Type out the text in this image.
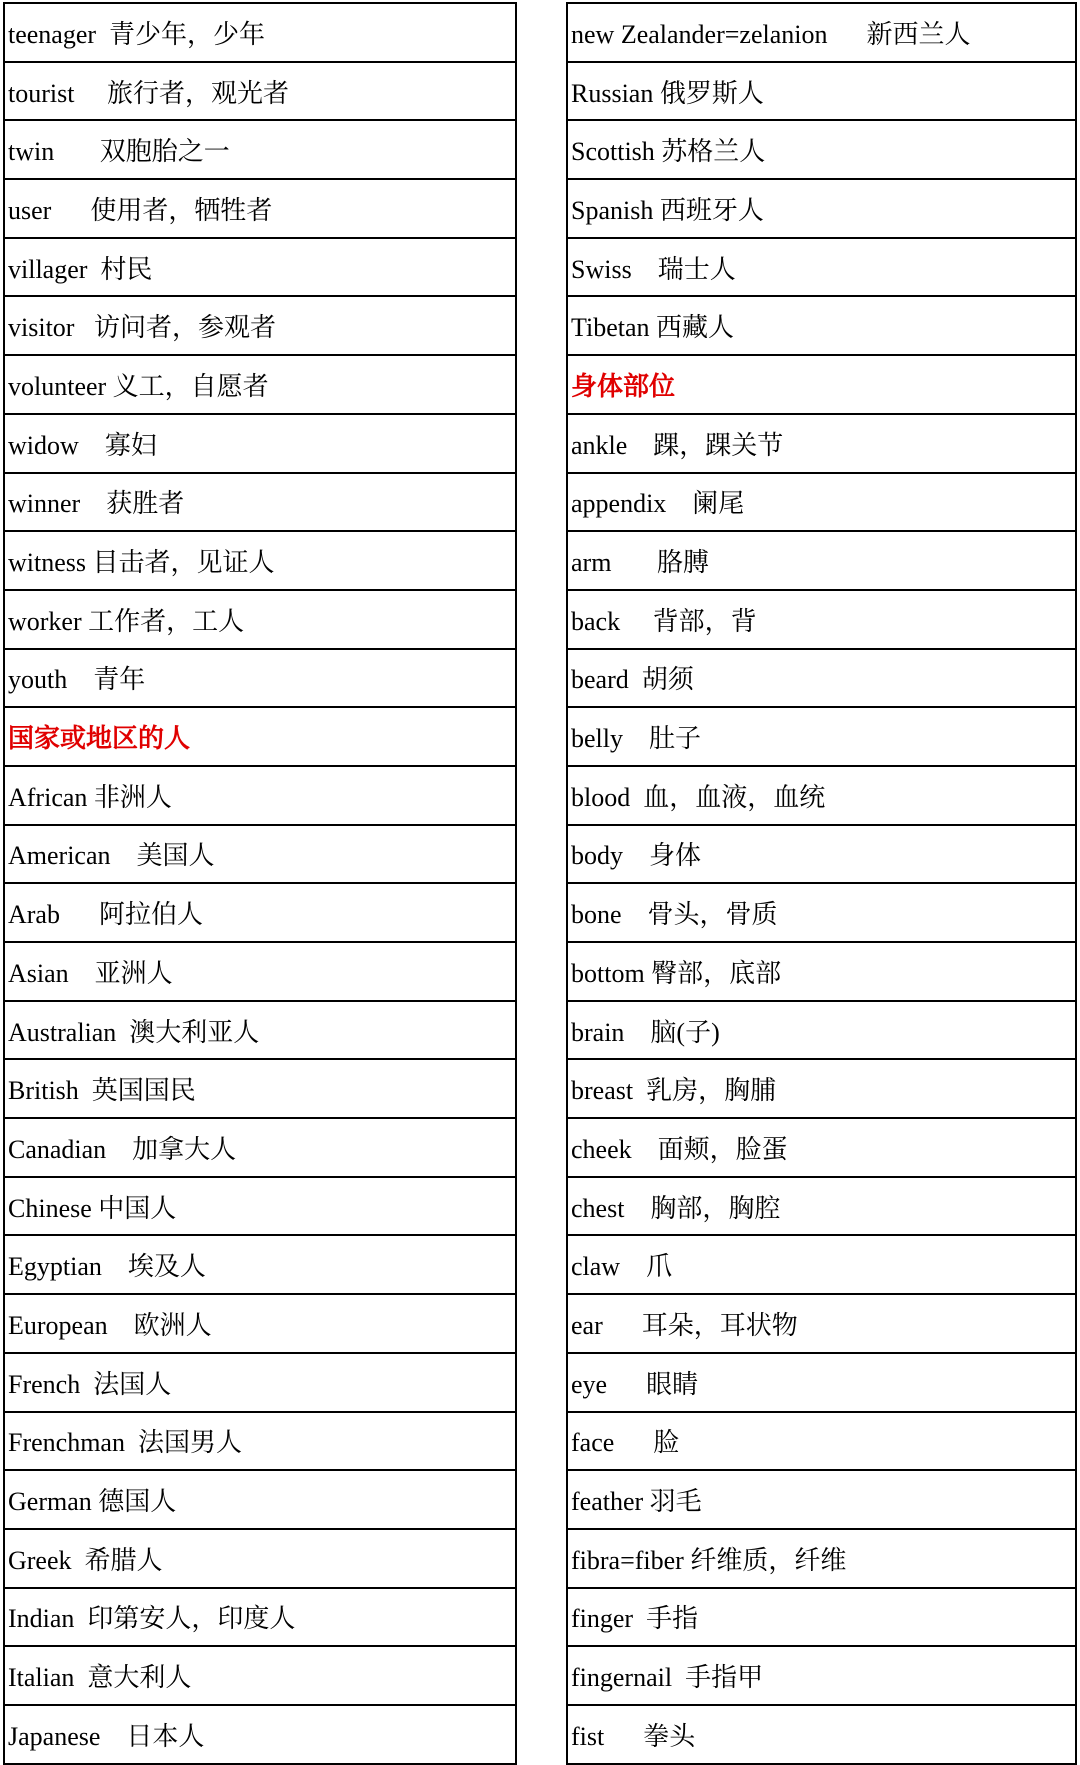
teenager  青少年，少年
tourist     旅行者，观光者
twin       双胞胎之一
user      使用者，牺牲者
villager  村民
visitor   访问者，参观者
volunteer 义工，自愿者
widow    寡妇
winner    获胜者
witness 目击者，见证人
worker 工作者，工人
youth    青年
国家或地区的人
African 非洲人
American    美国人
Arab      阿拉伯人
Asian    亚洲人
Australian  澳大利亚人
British  英国国民
Canadian    加拿大人
Chinese 中国人
Egyptian    埃及人
European    欧洲人
French  法国人
Frenchman  法国男人
German 德国人
Greek  希腊人
Indian  印第安人，印度人
Italian  意大利人
Japanese    日本人
new Zealander=zelanion      新西兰人
Russian 俄罗斯人
Scottish 苏格兰人
Spanish 西班牙人
Swiss    瑞士人
Tibetan 西藏人
身体部位
ankle    踝，踝关节
appendix    阑尾
arm       胳膊
back     背部，背
beard  胡须
belly    肚子
blood  血，血液，血统
body    身体
bone    骨头，骨质
bottom 臀部，底部
brain    脑(子)
breast  乳房，胸脯
cheek    面颊，脸蛋
chest    胸部，胸腔
claw    爪
ear      耳朵，耳状物
eye      眼睛
face      脸
feather 羽毛
fibra=fiber 纤维质，纤维
finger  手指
fingernail  手指甲
fist      拳头
